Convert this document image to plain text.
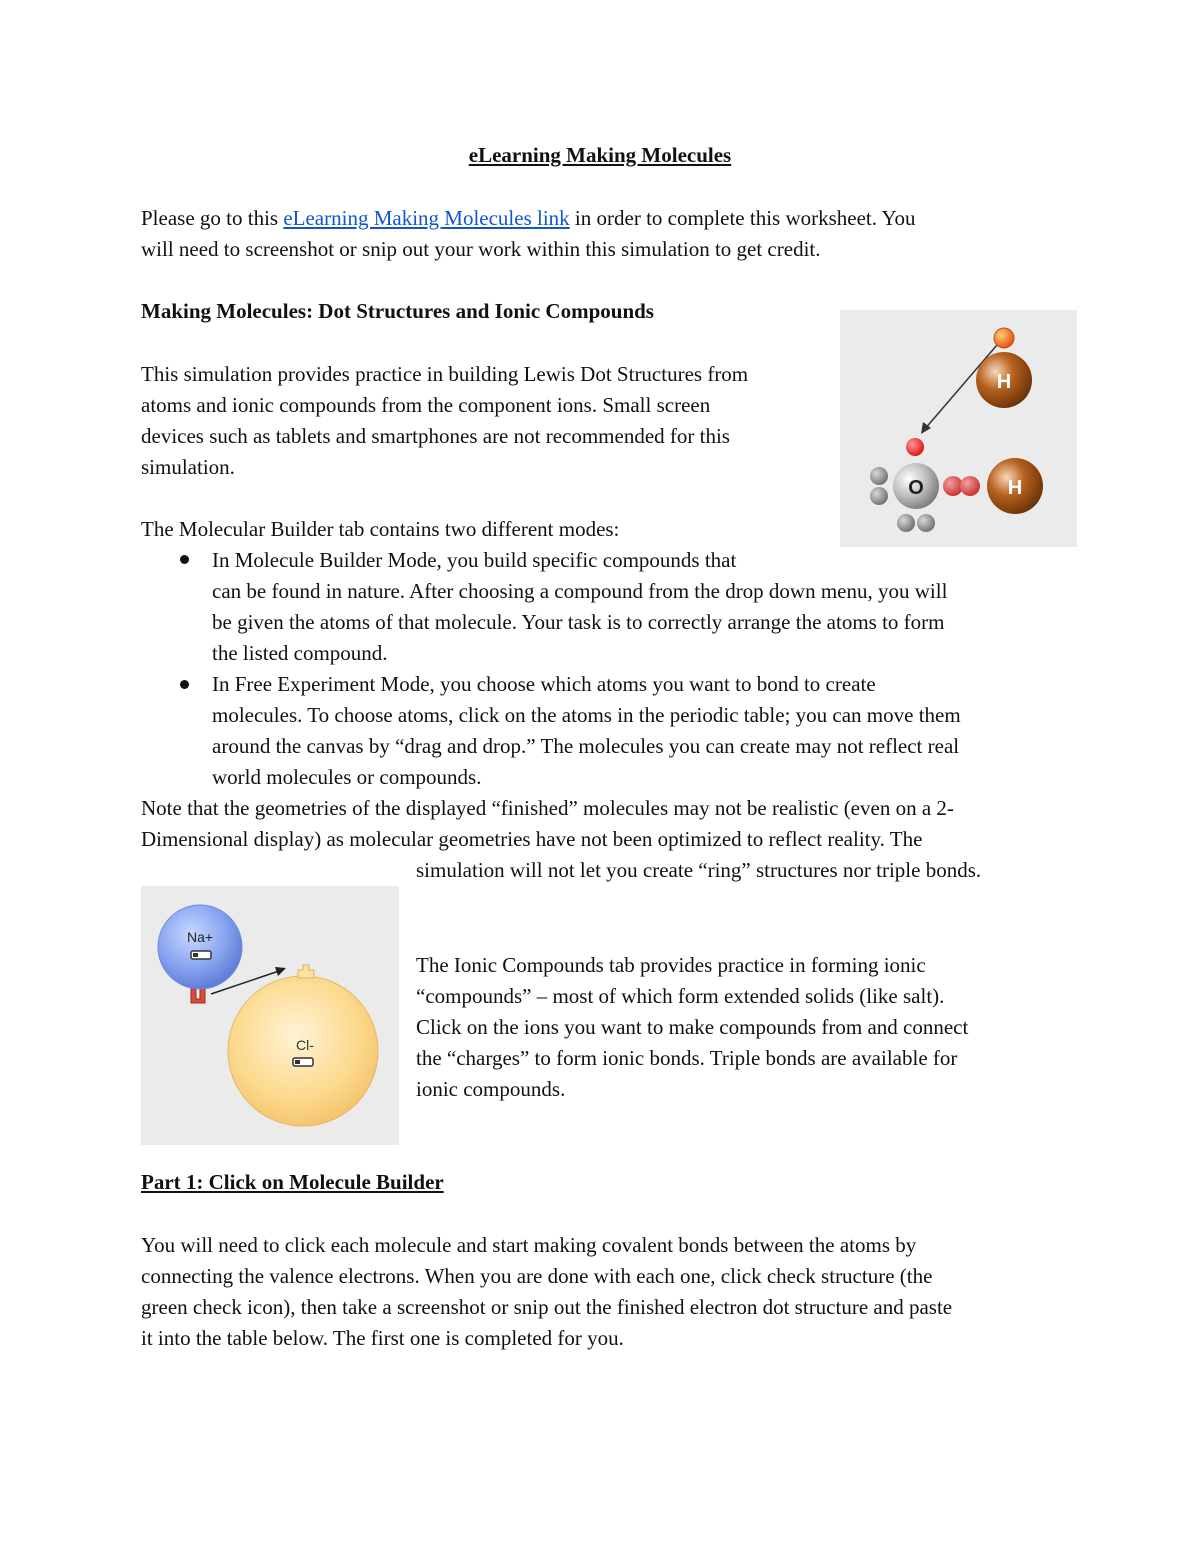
eLearning Making Molecules
Please go to this eLearning Making Molecules link in order to complete this worksheet. You
will need to screenshot or snip out your work within this simulation to get credit.
Making Molecules: Dot Structures and Ionic Compounds
This simulation provides practice in building Lewis Dot Structures from
atoms and ionic compounds from the component ions. Small screen
devices such as tablets and smartphones are not recommended for this
simulation.
H
O	H
The Molecular Builder tab contains two different modes:
In Molecule Builder Mode, you build specific compounds that
can be found in nature. After choosing a compound from the drop down menu, you will
be given the atoms of that molecule. Your task is to correctly arrange the atoms to form
the listed compound.
In Free Experiment Mode, you choose which atoms you want to bond to create
molecules. To choose atoms, click on the atoms in the periodic table; you can move them
around the canvas by “drag and drop.” The molecules you can create may not reflect real
world molecules or compounds.
Note that the geometries of the displayed “finished” molecules may not be realistic (even on a 2-
Dimensional display) as molecular geometries have not been optimized to reflect reality. The
simulation will not let you create “ring” structures nor triple bonds.
Cl-
Na+
The Ionic Compounds tab provides practice in forming ionic
“compounds” – most of which form extended solids (like salt).
Click on the ions you want to make compounds from and connect
the “charges” to form ionic bonds. Triple bonds are available for
ionic compounds.
Part 1: Click on Molecule Builder
You will need to click each molecule and start making covalent bonds between the atoms by
connecting the valence electrons. When you are done with each one, click check structure (the
green check icon), then take a screenshot or snip out the finished electron dot structure and paste
it into the table below. The first one is completed for you.
